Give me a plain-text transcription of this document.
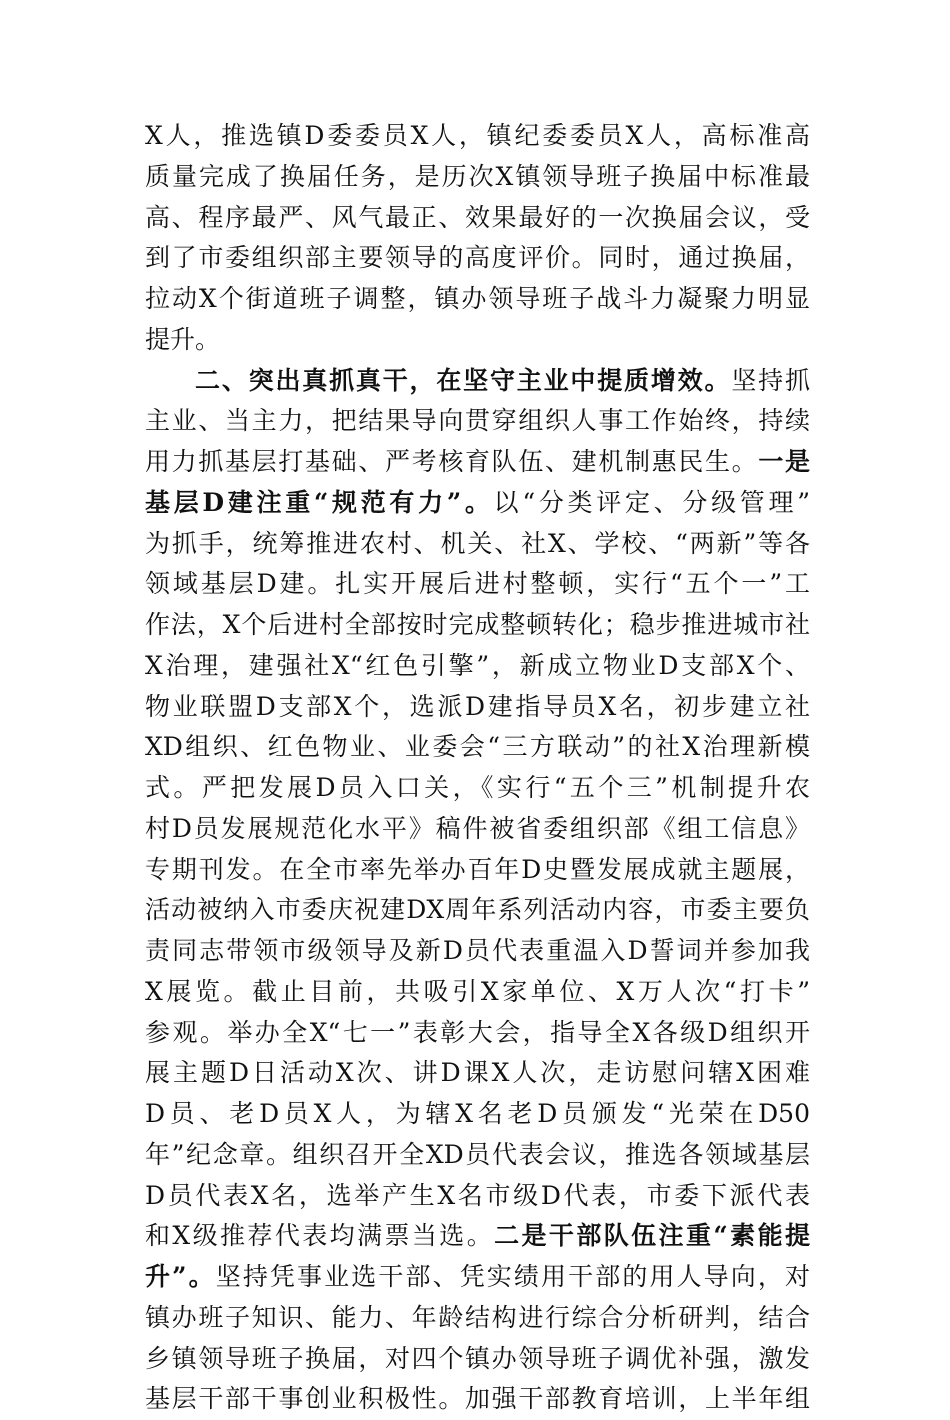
X人，推选镇D委委员X人，镇纪委委员X人，高标准高
质量完成了换届任务，是历次X镇领导班子换届中标准最
高、程序最严、风气最正、效果最好的一次换届会议，受
到了市委组织部主要领导的高度评价。同时，通过换届，
拉动X个街道班子调整，镇办领导班子战斗力凝聚力明显
提升。
二、突出真抓真干，在坚守主业中提质增效。坚持抓
主业、当主力，把结果导向贯穿组织人事工作始终，持续
用力抓基层打基础、严考核育队伍、建机制惠民生。一是
基层D建注重“规范有力”。以“分类评定、分级管理”
为抓手，统筹推进农村、机关、社X、学校、“两新”等各
领域基层D建。扎实开展后进村整顿，实行“五个一”工
作法，X个后进村全部按时完成整顿转化；稳步推进城市社
X治理，建强社X“红色引擎”，新成立物业D支部X个、
物业联盟D支部X个，选派D建指导员X名，初步建立社
XD组织、红色物业、业委会“三方联动”的社X治理新模
式。严把发展D员入口关，《实行“五个三”机制提升农
村D员发展规范化水平》稿件被省委组织部《组工信息》
专期刊发。在全市率先举办百年D史暨发展成就主题展，
活动被纳入市委庆祝建DX周年系列活动内容，市委主要负
责同志带领市级领导及新D员代表重温入D誓词并参加我
X展览。截止目前，共吸引X家单位、X万人次“打卡”
参观。举办全X“七一”表彰大会，指导全X各级D组织开
展主题D日活动X次、讲D课X人次，走访慰问辖X困难
D员、老D员X人，为辖X名老D员颁发“光荣在D50
年”纪念章。组织召开全XD员代表会议，推选各领域基层
D员代表X名，选举产生X名市级D代表，市委下派代表
和X级推荐代表均满票当选。二是干部队伍注重“素能提
升”。坚持凭事业选干部、凭实绩用干部的用人导向，对
镇办班子知识、能力、年龄结构进行综合分析研判，结合
乡镇领导班子换届，对四个镇办领导班子调优补强，激发
基层干部干事创业积极性。加强干部教育培训，上半年组
